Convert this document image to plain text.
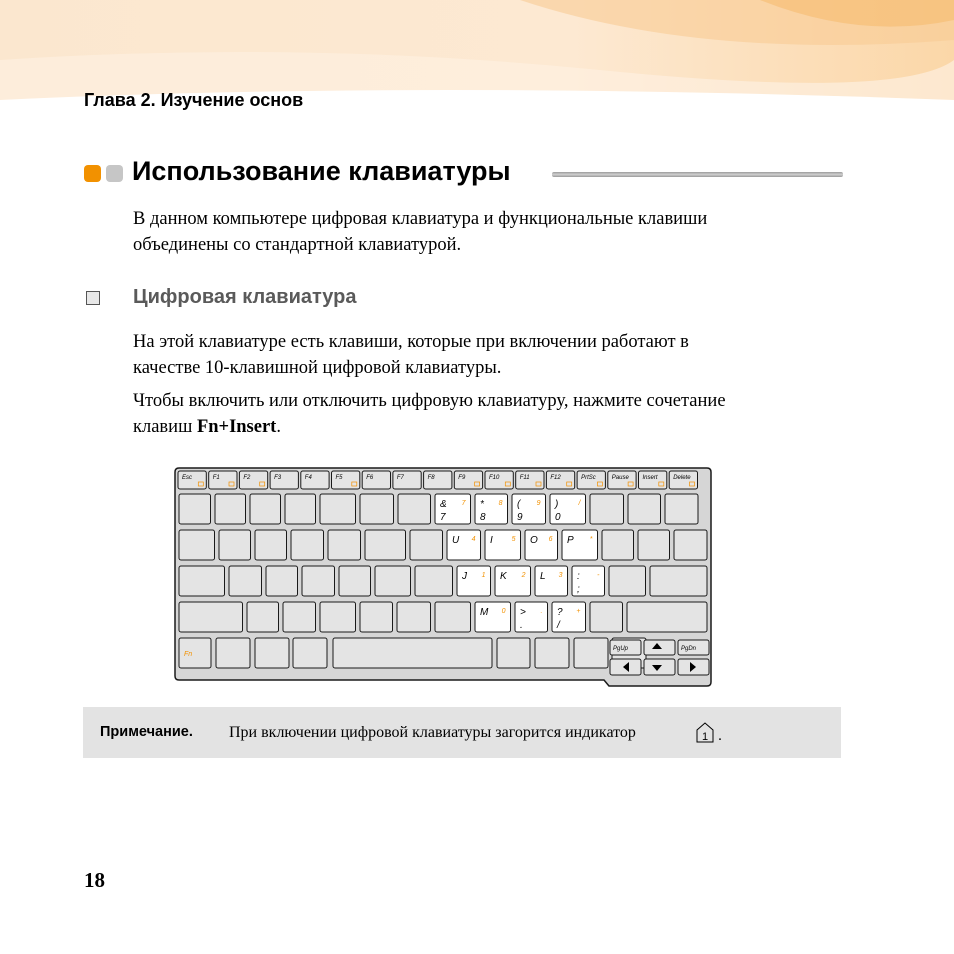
Глава 2. Изучение основ
Использование клавиатуры
В данном компьютере цифровая клавиатура и функциональные клавиши
объединены со стандартной клавиатурой.
Цифровая клавиатура
На этой клавиатуре есть клавиши, которые при включении работают в
качестве 10-клавишной цифровой клавиатуры.
Чтобы включить или отключить цифровую клавиатуру, нажмите сочетание
клавиш Fn+Insert.
Esc	F1	F2	F3	F4	F5	F6	F7	F8	F9	F10	F11	F12	PrtSc	Pause Insert	Delete
&
7
7 *
8
8 (
9
9 )
0
/
U 4 I	5 O 6 P *
J 1 K 2 L 3 :
;
-
M 0 >
.
. ?
/
+
Fn
PgUp	PgDn
Примечание. При включении цифровой клавиатуры загорится индикатор	1 .
18
